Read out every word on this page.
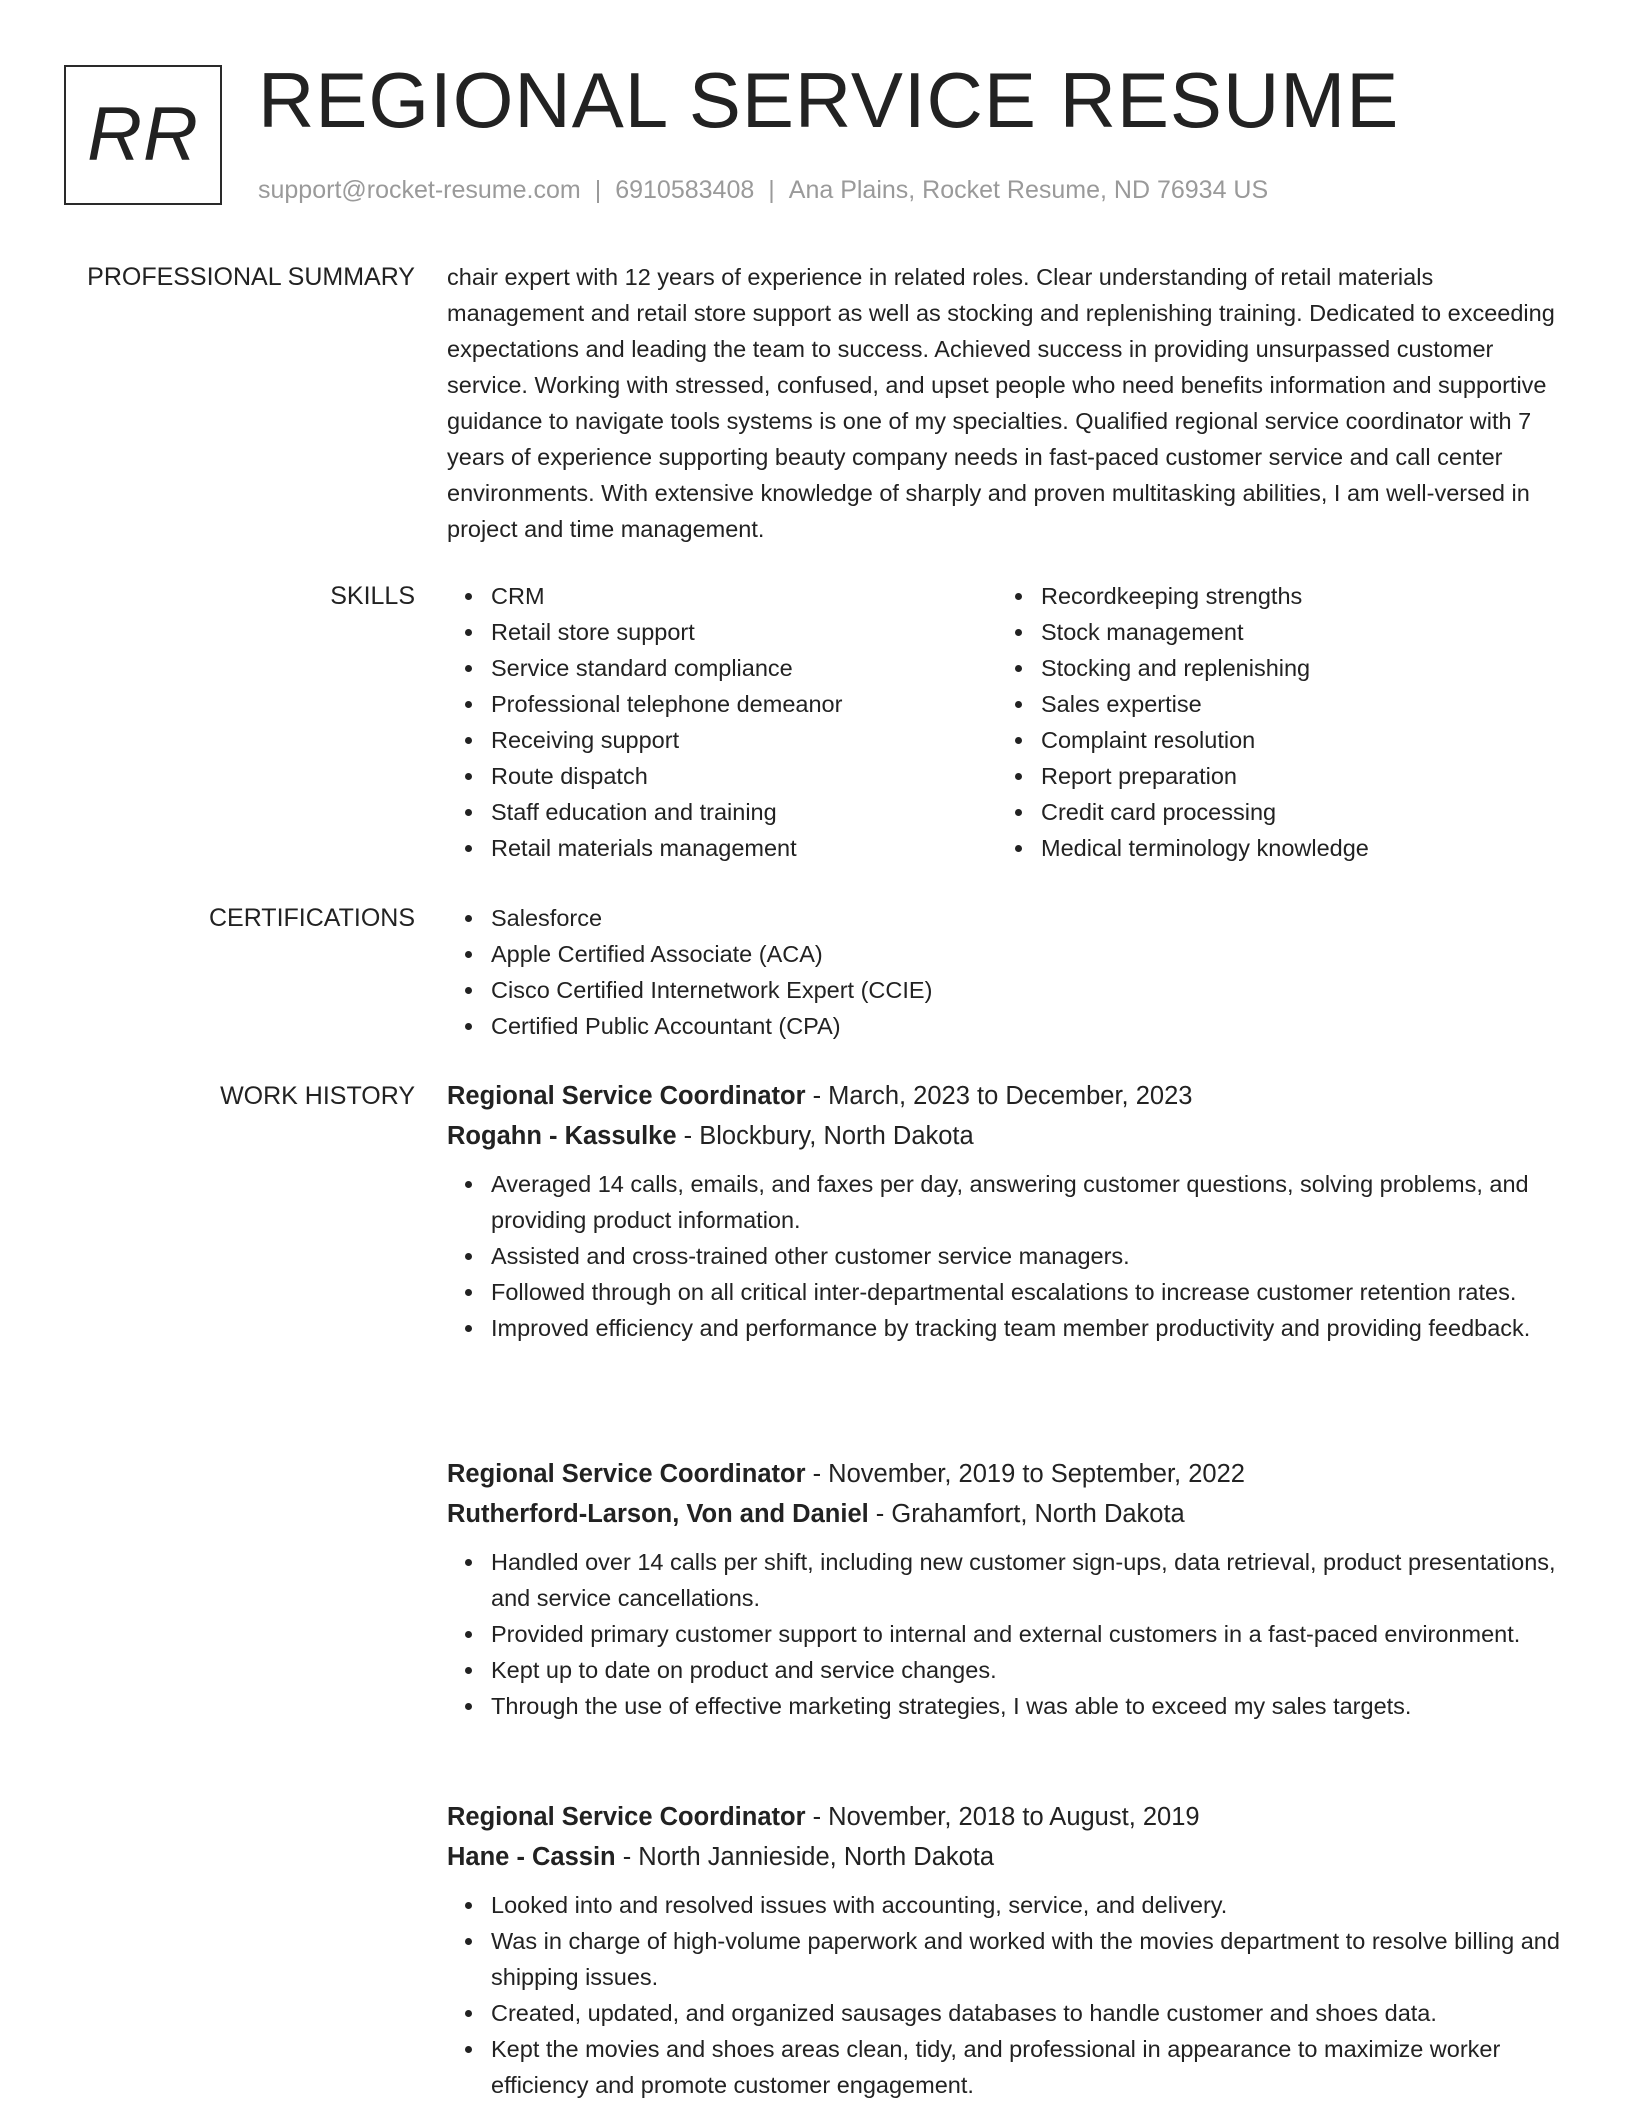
RR REGIONAL SERVICE RESUME
support@rocket-resume.com | 6910583408 | Ana Plains, Rocket Resume, ND 76934 US
PROFESSIONAL SUMMARY chair expert with 12 years of experience in related roles. Clear understanding of retail materials management and retail store support as well as stocking and replenishing training. Dedicated to exceeding expectations and leading the team to success. Achieved success in providing unsurpassed customer service. Working with stressed, confused, and upset people who need benefits information and supportive guidance to navigate tools systems is one of my specialties. Qualified regional service coordinator with 7 years of experience supporting beauty company needs in fast-paced customer service and call center environments. With extensive knowledge of sharply and proven multitasking abilities, I am well-versed in project and time management.
SKILLS	CRM
Retail store support
Service standard compliance
Professional telephone demeanor
Receiving support
Route dispatch
Staff education and training
Retail materials management
Recordkeeping strengths
Stock management
Stocking and replenishing
Sales expertise
Complaint resolution
Report preparation
Credit card processing
Medical terminology knowledge
CERTIFICATIONS	Salesforce
Apple Certified Associate (ACA)
Cisco Certified Internetwork Expert (CCIE)
Certified Public Accountant (CPA)
WORK HISTORY Regional Service Coordinator - March, 2023 to December, 2023
Rogahn - Kassulke - Blockbury, North Dakota
Averaged 14 calls, emails, and faxes per day, answering customer questions, solving problems, and providing product information.
Assisted and cross-trained other customer service managers.
Followed through on all critical inter-departmental escalations to increase customer retention rates.
Improved efficiency and performance by tracking team member productivity and providing feedback.
Regional Service Coordinator - November, 2019 to September, 2022
Rutherford-Larson, Von and Daniel - Grahamfort, North Dakota
Handled over 14 calls per shift, including new customer sign-ups, data retrieval, product presentations, and service cancellations.
Provided primary customer support to internal and external customers in a fast-paced environment.
Kept up to date on product and service changes.
Through the use of effective marketing strategies, I was able to exceed my sales targets.
Regional Service Coordinator - November, 2018 to August, 2019
Hane - Cassin - North Jannieside, North Dakota
Looked into and resolved issues with accounting, service, and delivery.
Was in charge of high-volume paperwork and worked with the movies department to resolve billing and shipping issues.
Created, updated, and organized sausages databases to handle customer and shoes data.
Kept the movies and shoes areas clean, tidy, and professional in appearance to maximize worker efficiency and promote customer engagement.
